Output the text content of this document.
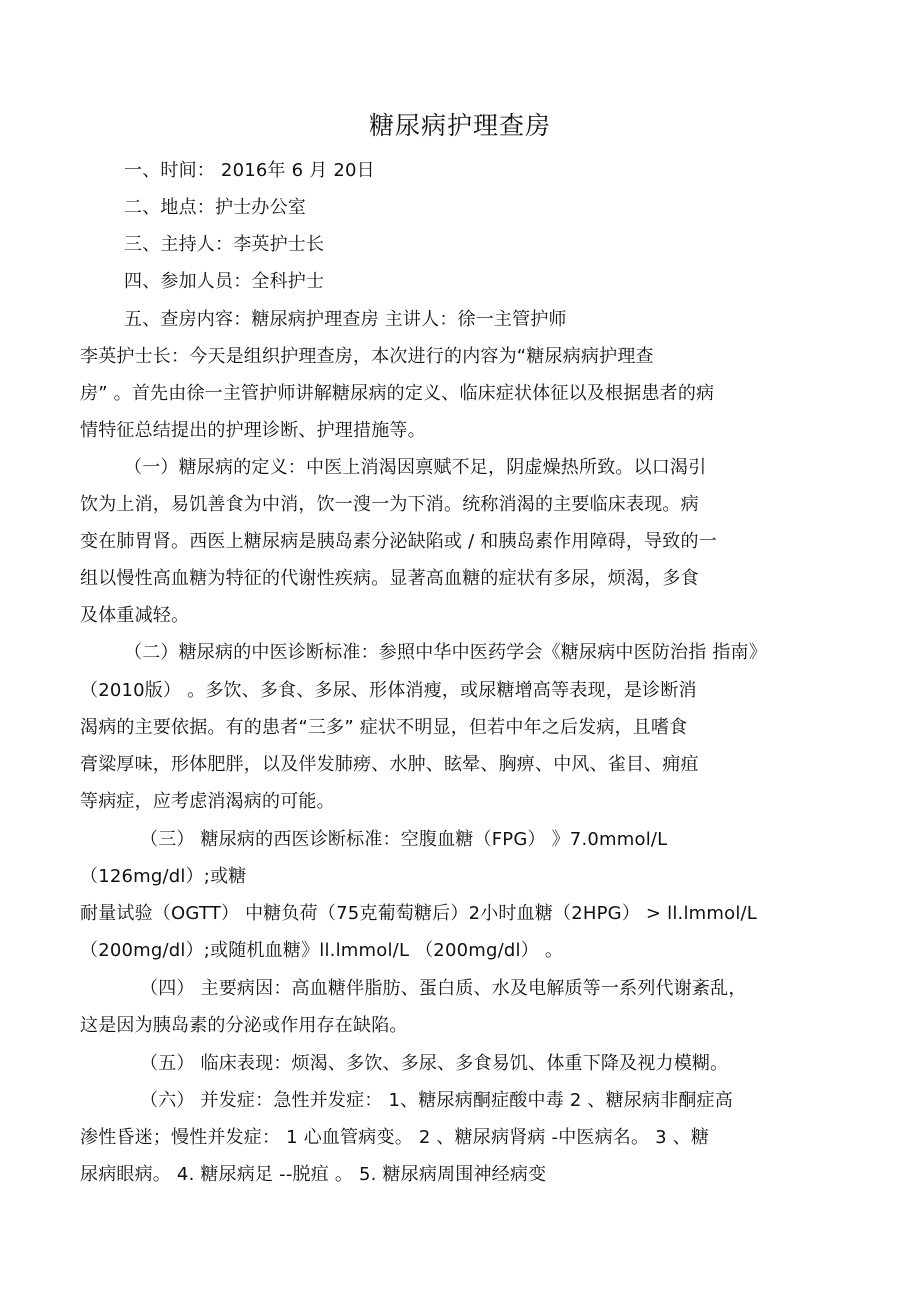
糖尿病护理查房
一、时间： 2016年 6 月 20日
二、地点：护士办公室
三、主持人：李英护士长
四、参加人员：全科护士
五、查房内容：糖尿病护理查房 主讲人：徐一主管护师
李英护士长：今天是组织护理查房，本次进行的内容为“糖尿病病护理查
房” 。首先由徐一主管护师讲解糖尿病的定义、临床症状体征以及根据患者的病
情特征总结提出的护理诊断、护理措施等。
（一）糖尿病的定义：中医上消渴因禀赋不足，阴虚燥热所致。以口渴引
饮为上消，易饥善食为中消，饮一溲一为下消。统称消渴的主要临床表现。病
变在肺胃肾。西医上糖尿病是胰岛素分泌缺陷或 / 和胰岛素作用障碍，导致的一
组以慢性高血糖为特征的代谢性疾病。显著高血糖的症状有多尿，烦渴，多食
及体重减轻。
（二）糖尿病的中医诊断标准：参照中华中医药学会《糖尿病中医防治指 指南》
（2010版） 。多饮、多食、多尿、形体消瘦，或尿糖增高等表现，是诊断消
渴病的主要依据。有的患者“三多” 症状不明显，但若中年之后发病，且嗜食
膏粱厚味，形体肥胖，以及伴发肺痨、水肿、眩晕、胸痹、中风、雀目、痈疽
等病症，应考虑消渴病的可能。
（三） 糖尿病的西医诊断标准：空腹血糖（FPG） 》7.0mmol/L
（126mg/dl）;或糖
耐量试验（OGTT） 中糖负荷（75克葡萄糖后）2小时血糖（2HPG） > ll.lmmol/L
（200mg/dl）;或随机血糖》ll.lmmol/L （200mg/dl） 。
（四） 主要病因：高血糖伴脂肪、蛋白质、水及电解质等一系列代谢紊乱，
这是因为胰岛素的分泌或作用存在缺陷。
（五） 临床表现：烦渴、多饮、多尿、多食易饥、体重下降及视力模糊。
（六） 并发症：急性并发症： 1、糖尿病酮症酸中毒 2 、糖尿病非酮症高
渗性昏迷；慢性并发症： 1 心血管病变。 2 、糖尿病肾病 -中医病名。 3 、糖
尿病眼病。 4. 糖尿病足 --脱疽 。 5. 糖尿病周围神经病变
